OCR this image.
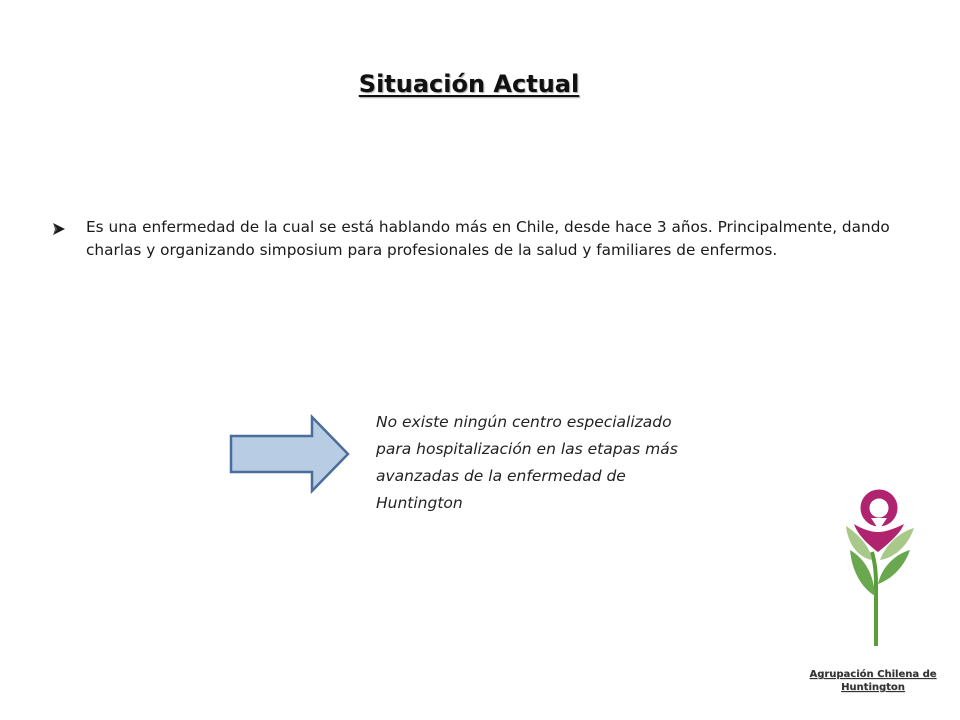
Situación Actual
Es una enfermedad de la cual se está hablando más en Chile, desde hace 3 años. Principalmente, dando charlas y organizando simposium para profesionales de la salud y familiares de enfermos.
No existe ningún centro especializado para hospitalización en las etapas más avanzadas de la enfermedad de Huntington
Agrupación Chilena de Huntington
